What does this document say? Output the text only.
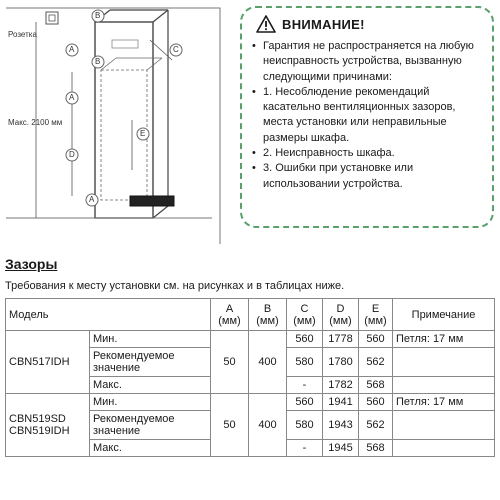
A
A
A
B
B
C
D
E
Розетка
Макс. 2100 мм
ВНИМАНИЕ!
• Гарантия не распространяется на любую неисправность устройства, вызванную следующими причинами:
• 1. Несоблюдение рекомендаций касательно вентиляционных зазоров, места установки или неправильные размеры шкафа.
• 2. Неисправность шкафа.
• 3. Ошибки при установке или использовании устройства.
Зазоры
Требования к месту установки см. на рисунках и в таблицах ниже.
Модель		A (мм)	B (мм)	C (мм)	D (мм)	E (мм)	Примечание
CBN517IDH	Мин.	50	400	560	1778	560	Петля: 17 мм
	Рекомендуемое значение			580	1780	562	
	Макс.			-	1782	568	
CBN519SD CBN519IDH	Мин.	50	400	560	1941	560	Петля: 17 мм
	Рекомендуемое значение			580	1943	562	
	Макс.			-	1945	568	
